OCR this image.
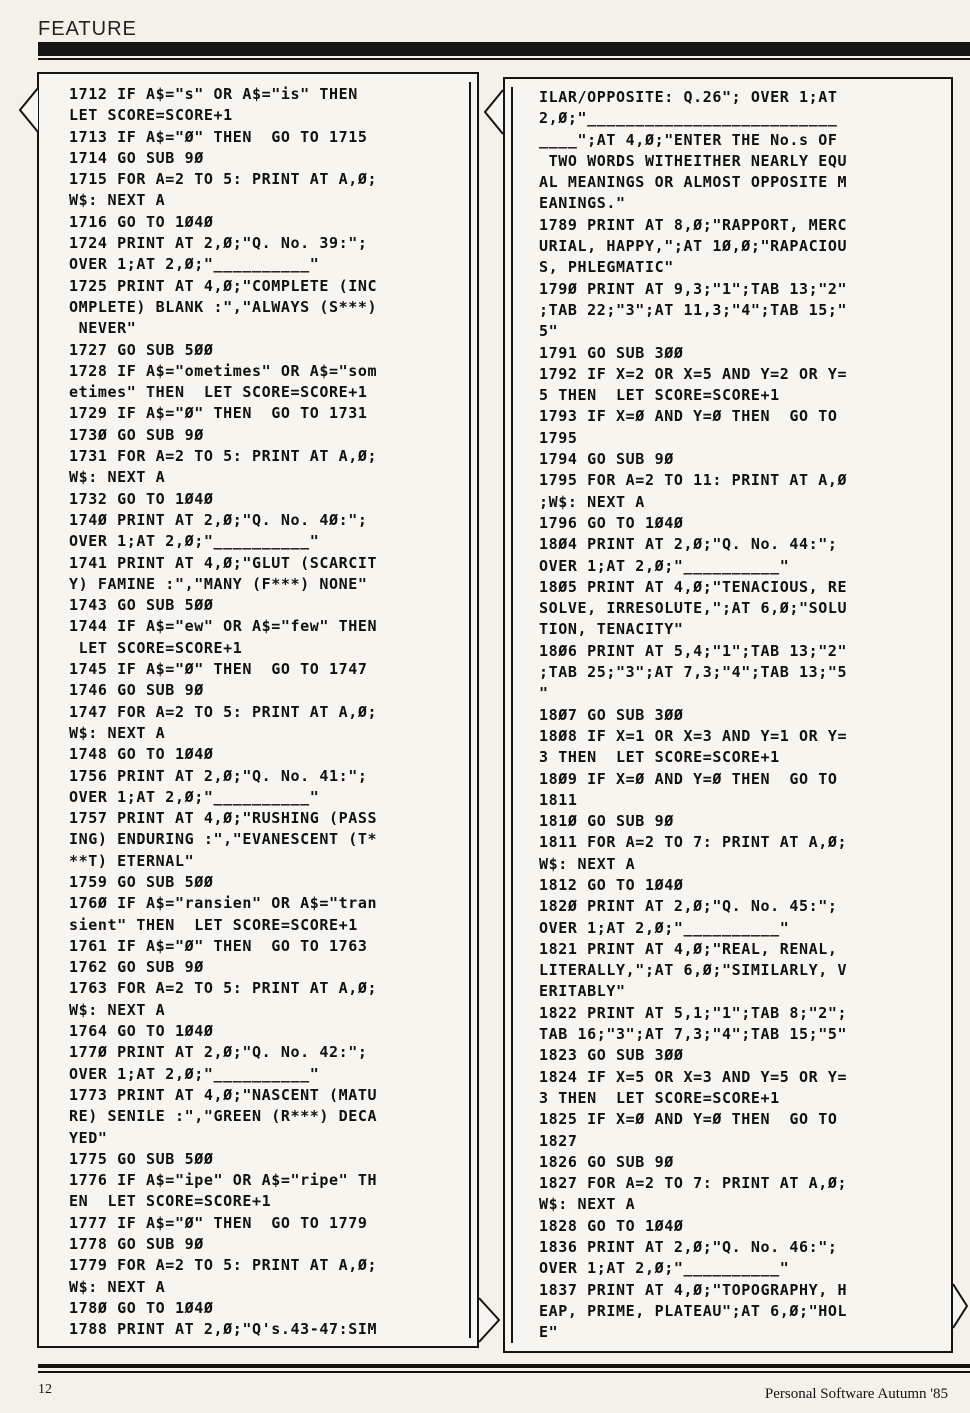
FEATURE
1712 IF A$="s" OR A$="is" THEN
LET SCORE=SCORE+1
1713 IF A$="Ø" THEN  GO TO 1715
1714 GO SUB 9Ø
1715 FOR A=2 TO 5: PRINT AT A,Ø;
W$: NEXT A
1716 GO TO 1Ø4Ø
1724 PRINT AT 2,Ø;"Q. No. 39:";
OVER 1;AT 2,Ø;"__________"
1725 PRINT AT 4,Ø;"COMPLETE (INC
OMPLETE) BLANK :","ALWAYS (S***)
NEVER"
1727 GO SUB 5ØØ
1728 IF A$="ometimes" OR A$="som
etimes" THEN  LET SCORE=SCORE+1
1729 IF A$="Ø" THEN  GO TO 1731
173Ø GO SUB 9Ø
1731 FOR A=2 TO 5: PRINT AT A,Ø;
W$: NEXT A
1732 GO TO 1Ø4Ø
174Ø PRINT AT 2,Ø;"Q. No. 4Ø:";
OVER 1;AT 2,Ø;"__________"
1741 PRINT AT 4,Ø;"GLUT (SCARCIT
Y) FAMINE :","MANY (F***) NONE"
1743 GO SUB 5ØØ
1744 IF A$="ew" OR A$="few" THEN
LET SCORE=SCORE+1
1745 IF A$="Ø" THEN  GO TO 1747
1746 GO SUB 9Ø
1747 FOR A=2 TO 5: PRINT AT A,Ø;
W$: NEXT A
1748 GO TO 1Ø4Ø
1756 PRINT AT 2,Ø;"Q. No. 41:";
OVER 1;AT 2,Ø;"__________"
1757 PRINT AT 4,Ø;"RUSHING (PASS
ING) ENDURING :","EVANESCENT (T*
**T) ETERNAL"
1759 GO SUB 5ØØ
176Ø IF A$="ransien" OR A$="tran
sient" THEN  LET SCORE=SCORE+1
1761 IF A$="Ø" THEN  GO TO 1763
1762 GO SUB 9Ø
1763 FOR A=2 TO 5: PRINT AT A,Ø;
W$: NEXT A
1764 GO TO 1Ø4Ø
177Ø PRINT AT 2,Ø;"Q. No. 42:";
OVER 1;AT 2,Ø;"__________"
1773 PRINT AT 4,Ø;"NASCENT (MATU
RE) SENILE :","GREEN (R***) DECA
YED"
1775 GO SUB 5ØØ
1776 IF A$="ipe" OR A$="ripe" TH
EN  LET SCORE=SCORE+1
1777 IF A$="Ø" THEN  GO TO 1779
1778 GO SUB 9Ø
1779 FOR A=2 TO 5: PRINT AT A,Ø;
W$: NEXT A
178Ø GO TO 1Ø4Ø
1788 PRINT AT 2,Ø;"Q's.43-47:SIM
ILAR/OPPOSITE: Q.26"; OVER 1;AT
2,Ø;"__________________________
____";AT 4,Ø;"ENTER THE No.s OF
TWO WORDS WITHEITHER NEARLY EQU
AL MEANINGS OR ALMOST OPPOSITE M
EANINGS."
1789 PRINT AT 8,Ø;"RAPPORT, MERC
URIAL, HAPPY,";AT 1Ø,Ø;"RAPACIOU
S, PHLEGMATIC"
179Ø PRINT AT 9,3;"1";TAB 13;"2"
;TAB 22;"3";AT 11,3;"4";TAB 15;"
5"
1791 GO SUB 3ØØ
1792 IF X=2 OR X=5 AND Y=2 OR Y=
5 THEN  LET SCORE=SCORE+1
1793 IF X=Ø AND Y=Ø THEN  GO TO
1795
1794 GO SUB 9Ø
1795 FOR A=2 TO 11: PRINT AT A,Ø
;W$: NEXT A
1796 GO TO 1Ø4Ø
18Ø4 PRINT AT 2,Ø;"Q. No. 44:";
OVER 1;AT 2,Ø;"__________"
18Ø5 PRINT AT 4,Ø;"TENACIOUS, RE
SOLVE, IRRESOLUTE,";AT 6,Ø;"SOLU
TION, TENACITY"
18Ø6 PRINT AT 5,4;"1";TAB 13;"2"
;TAB 25;"3";AT 7,3;"4";TAB 13;"5
"
18Ø7 GO SUB 3ØØ
18Ø8 IF X=1 OR X=3 AND Y=1 OR Y=
3 THEN  LET SCORE=SCORE+1
18Ø9 IF X=Ø AND Y=Ø THEN  GO TO
1811
181Ø GO SUB 9Ø
1811 FOR A=2 TO 7: PRINT AT A,Ø;
W$: NEXT A
1812 GO TO 1Ø4Ø
182Ø PRINT AT 2,Ø;"Q. No. 45:";
OVER 1;AT 2,Ø;"__________"
1821 PRINT AT 4,Ø;"REAL, RENAL,
LITERALLY,";AT 6,Ø;"SIMILARLY, V
ERITABLY"
1822 PRINT AT 5,1;"1";TAB 8;"2";
TAB 16;"3";AT 7,3;"4";TAB 15;"5"
1823 GO SUB 3ØØ
1824 IF X=5 OR X=3 AND Y=5 OR Y=
3 THEN  LET SCORE=SCORE+1
1825 IF X=Ø AND Y=Ø THEN  GO TO
1827
1826 GO SUB 9Ø
1827 FOR A=2 TO 7: PRINT AT A,Ø;
W$: NEXT A
1828 GO TO 1Ø4Ø
1836 PRINT AT 2,Ø;"Q. No. 46:";
OVER 1;AT 2,Ø;"__________"
1837 PRINT AT 4,Ø;"TOPOGRAPHY, H
EAP, PRIME, PLATEAU";AT 6,Ø;"HOL
E"
12	Personal Software Autumn '85
